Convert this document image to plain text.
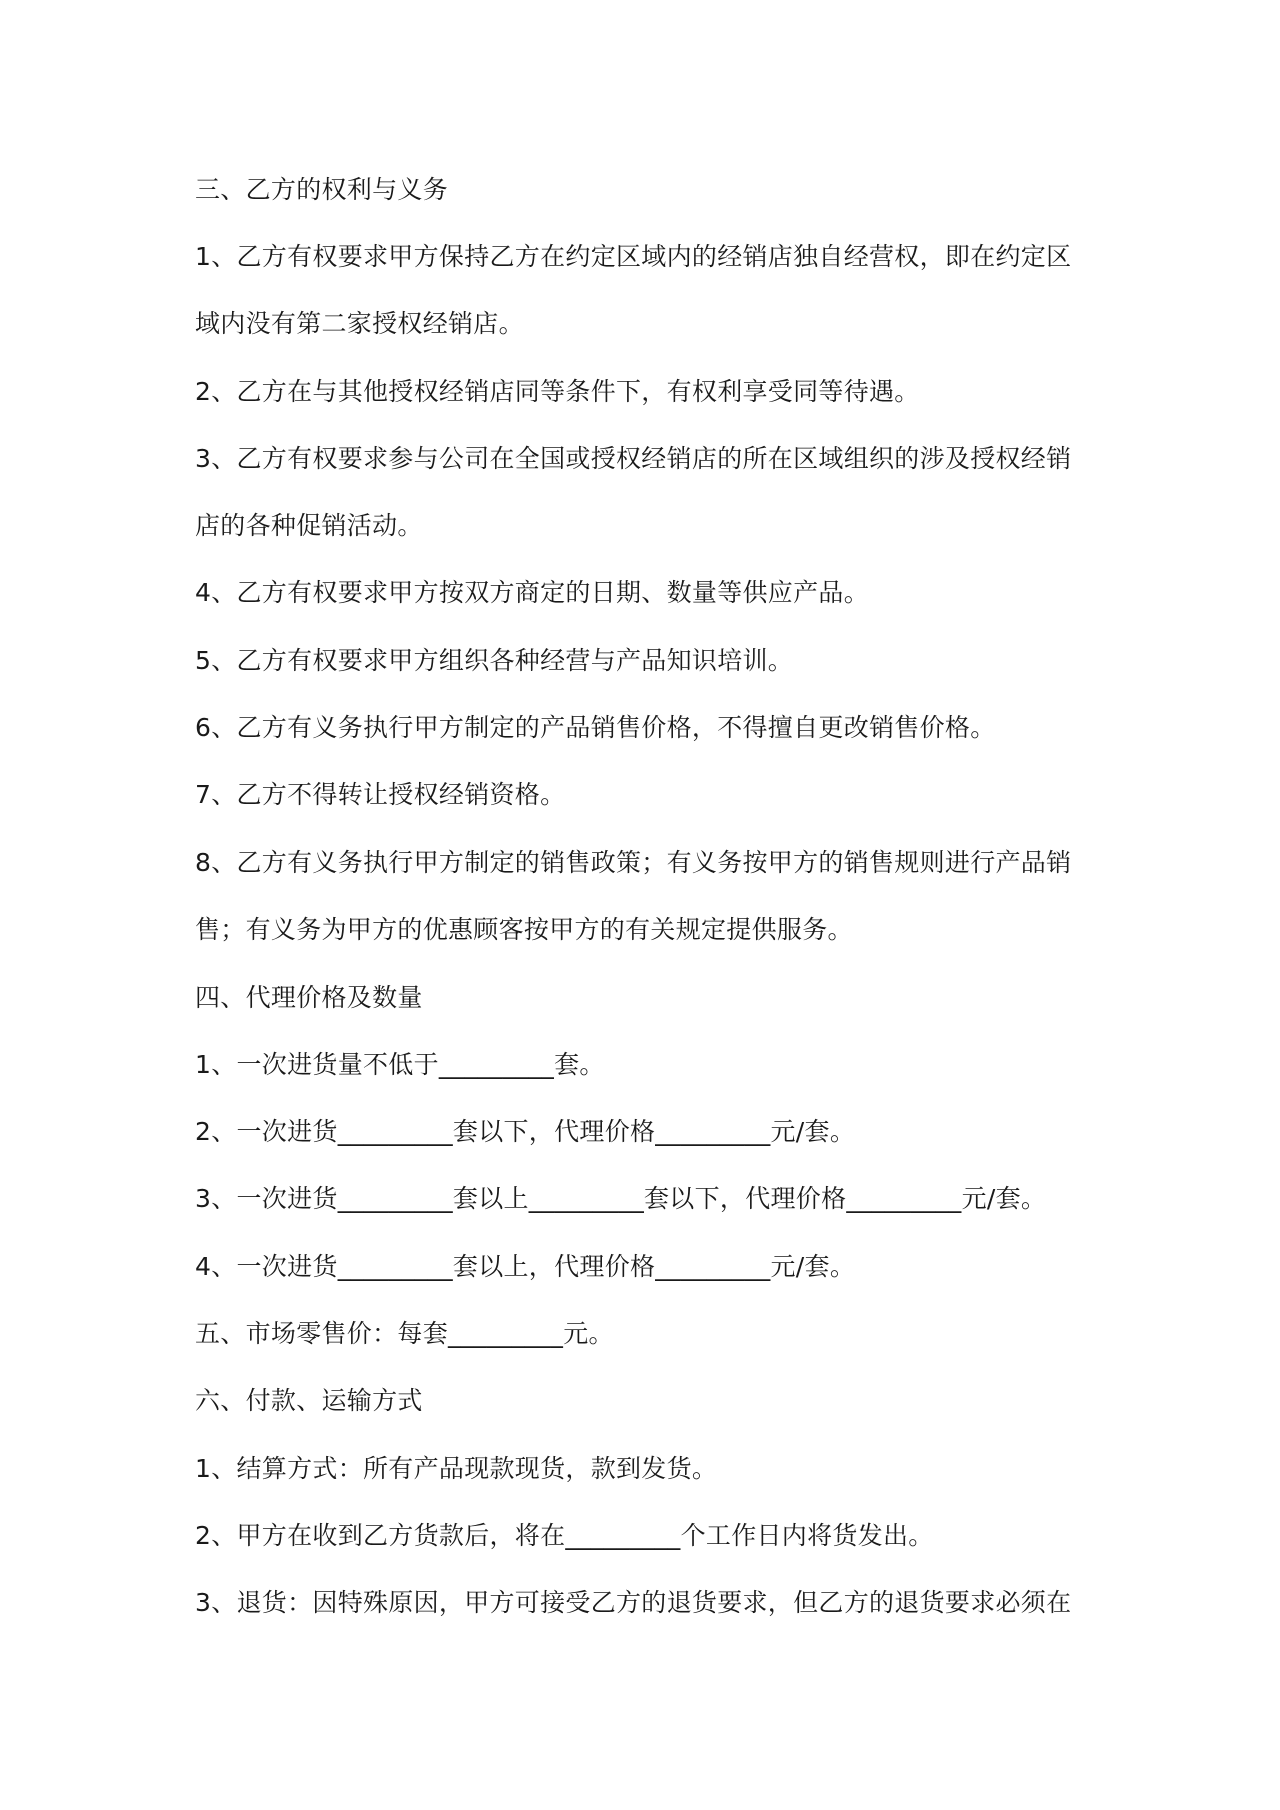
三、乙方的权利与义务

1、乙方有权要求甲方保持乙方在约定区域内的经销店独自经营权，即在约定区

域内没有第二家授权经销店。

2、乙方在与其他授权经销店同等条件下，有权利享受同等待遇。

3、乙方有权要求参与公司在全国或授权经销店的所在区域组织的涉及授权经销

店的各种促销活动。

4、乙方有权要求甲方按双方商定的日期、数量等供应产品。

5、乙方有权要求甲方组织各种经营与产品知识培训。

6、乙方有义务执行甲方制定的产品销售价格，不得擅自更改销售价格。

7、乙方不得转让授权经销资格。

8、乙方有义务执行甲方制定的销售政策；有义务按甲方的销售规则进行产品销

售；有义务为甲方的优惠顾客按甲方的有关规定提供服务。

四、代理价格及数量

1、一次进货量不低于_________套。

2、一次进货_________套以下，代理价格_________元/套。

3、一次进货_________套以上_________套以下，代理价格_________元/套。

4、一次进货_________套以上，代理价格_________元/套。

五、市场零售价：每套_________元。

六、付款、运输方式

1、结算方式：所有产品现款现货，款到发货。

2、甲方在收到乙方货款后，将在_________个工作日内将货发出。

3、退货：因特殊原因，甲方可接受乙方的退货要求，但乙方的退货要求必须在
